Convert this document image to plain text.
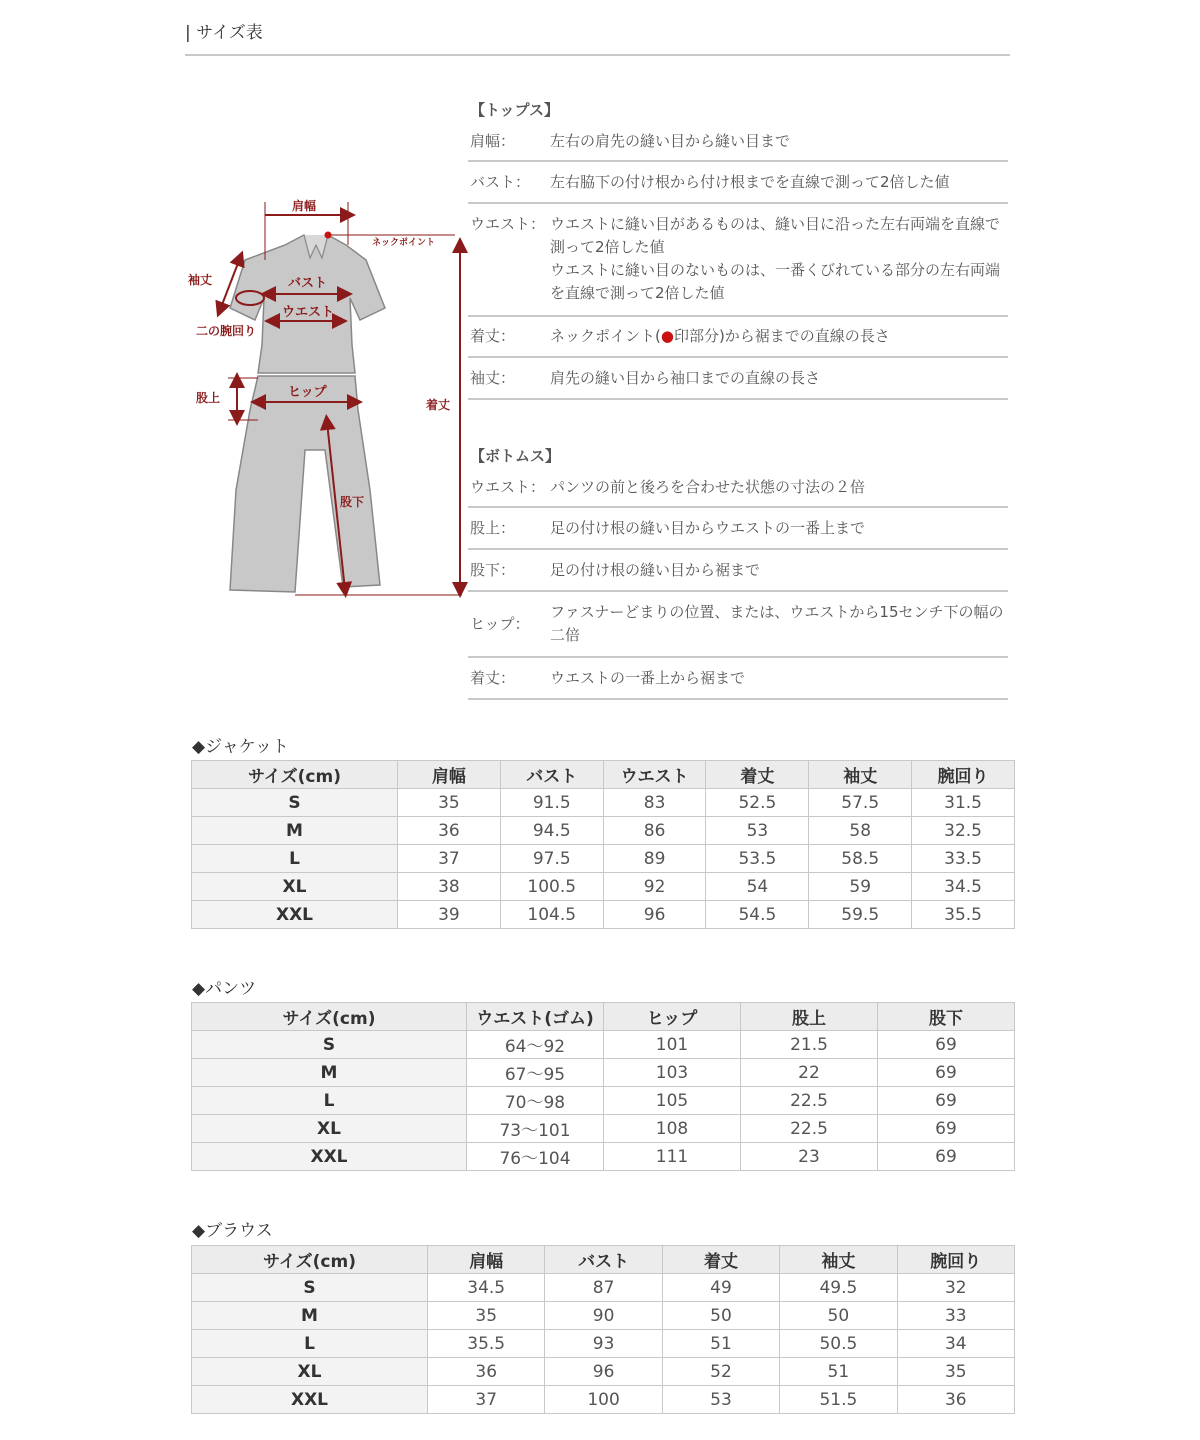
| サイズ表
肩幅
ネックポイント
袖丈	バスト
ウエスト
二の腕回り
股上	ヒップ
着丈
股下
【トップス】
肩幅：	左右の肩先の縫い目から縫い目まで
バスト：	左右脇下の付け根から付け根までを直線で測って2倍した値
ウエスト： ウエストに縫い目があるものは、縫い目に沿った左右両端を直線で
測って2倍した値
ウエストに縫い目のないものは、一番くびれている部分の左右両端
を直線で測って2倍した値
着丈：	ネックポイント(●印部分)から裾までの直線の長さ
袖丈：	肩先の縫い目から袖口までの直線の長さ
【ボトムス】
ウエスト： パンツの前と後ろを合わせた状態の寸法の２倍
股上：	足の付け根の縫い目からウエストの一番上まで
股下：	足の付け根の縫い目から裾まで
ヒップ：
ファスナーどまりの位置、または、ウエストから15センチ下の幅の
二倍
着丈：	ウエストの一番上から裾まで
◆ジャケット
サイズ(cm)	肩幅	バスト	ウエスト	着丈	袖丈	腕回り
S	35	91.5	83	52.5	57.5	31.5
M	36	94.5	86	53	58	32.5
L	37	97.5	89	53.5	58.5	33.5
XL	38	100.5	92	54	59	34.5
XXL	39	104.5	96	54.5	59.5	35.5
◆パンツ
サイズ(cm)	ウエスト(ゴム)	ヒップ	股上	股下
S	64～92	101	21.5	69
M	67～95	103	22	69
L	70～98	105	22.5	69
XL	73～101	108	22.5	69
XXL	76～104	111	23	69
◆ブラウス
サイズ(cm)	肩幅	バスト	着丈	袖丈	腕回り
S	34.5	87	49	49.5	32
M	35	90	50	50	33
L	35.5	93	51	50.5	34
XL	36	96	52	51	35
XXL	37	100	53	51.5	36
